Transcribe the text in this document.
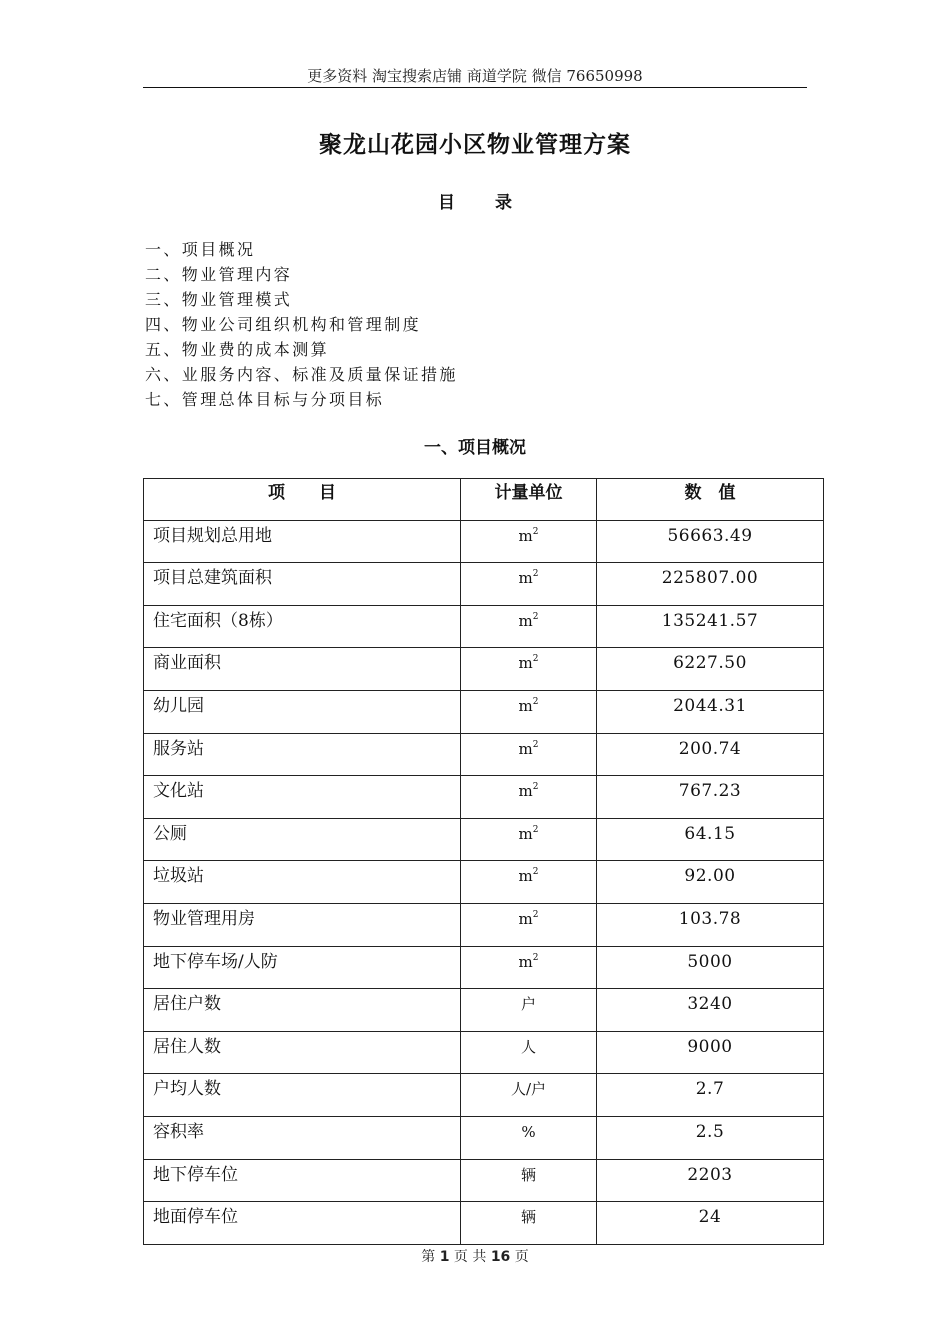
更多资料 淘宝搜索店铺 商道学院 微信 76650998
聚龙山花园小区物业管理方案
目 录
一、项目概况
二、物业管理内容
三、物业管理模式
四、物业公司组织机构和管理制度
五、物业费的成本测算
六、业服务内容、标准及质量保证措施
七、管理总体目标与分项目标
一、项目概况
项　　目	计量单位	数　值
项目规划总用地	$m^2$	56663.49
项目总建筑面积	$m^2$	225807.00
住宅面积（8栋）	$m^2$	135241.57
商业面积	$m^2$	6227.50
幼儿园	$m^2$	2044.31
服务站	$m^2$	200.74
文化站	$m^2$	767.23
公厕	$m^2$	64.15
垃圾站	$m^2$	92.00
物业管理用房	$m^2$	103.78
地下停车场/人防	$m^2$	5000
居住户数	户	3240
居住人数	人	9000
户均人数	人/户	2.7
容积率	%	2.5
地下停车位	辆	2203
地面停车位	辆	24
第 1 页 共 16 页
